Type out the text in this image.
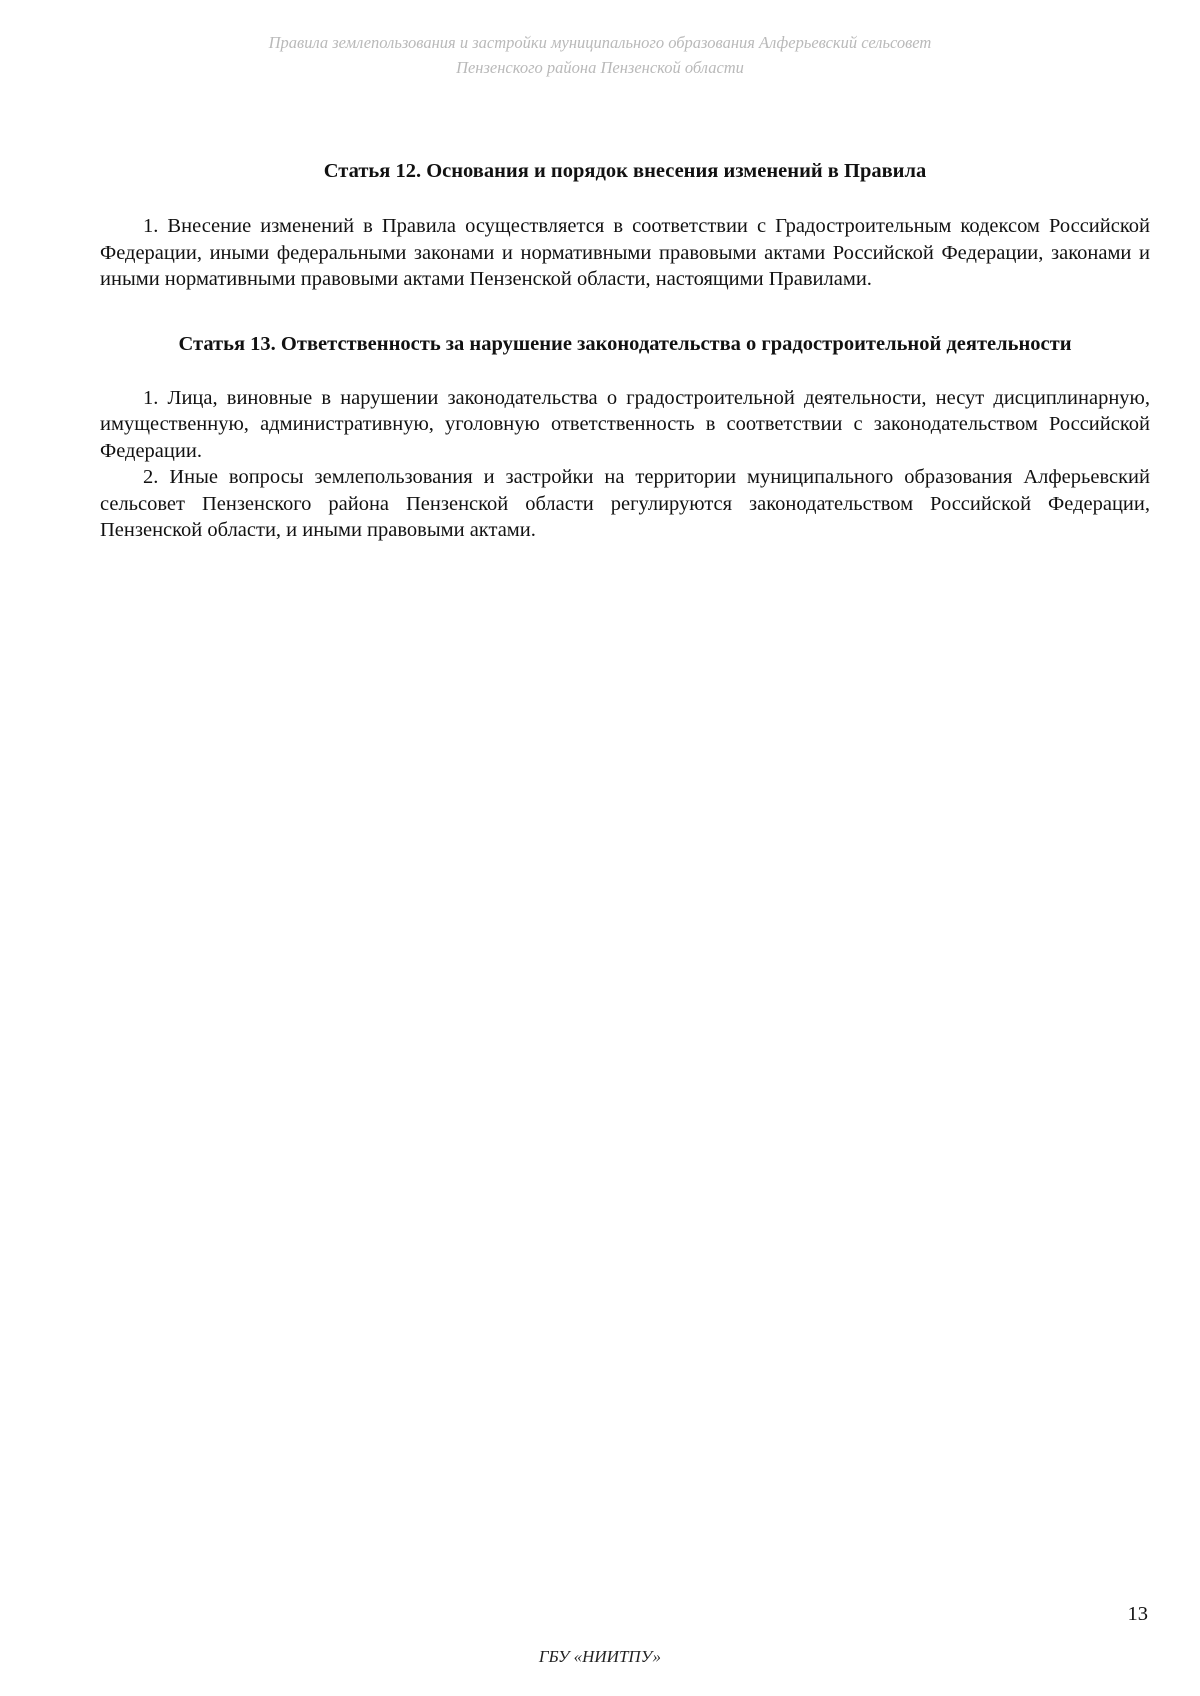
Правила землепользования и застройки муниципального образования Алферьевский сельсовет
Пензенского района Пензенской области
Статья 12. Основания и порядок внесения изменений в Правила

1. Внесение изменений в Правила осуществляется в соответствии с Градостроительным кодексом Российской Федерации, иными федеральными законами и нормативными правовыми актами Российской Федерации, законами и иными нормативными правовыми актами Пензенской области, настоящими Правилами.

Статья 13. Ответственность за нарушение законодательства о градостроительной деятельности

1. Лица, виновные в нарушении законодательства о градостроительной деятельности, несут дисциплинарную, имущественную, административную, уголовную ответственность в соответствии с законодательством Российской Федерации.

2. Иные вопросы землепользования и застройки на территории муниципального образования Алферьевский сельсовет Пензенского района Пензенской области регулируются законодательством Российской Федерации, Пензенской области, и иными правовыми актами.

13
ГБУ «НИИТПУ»
